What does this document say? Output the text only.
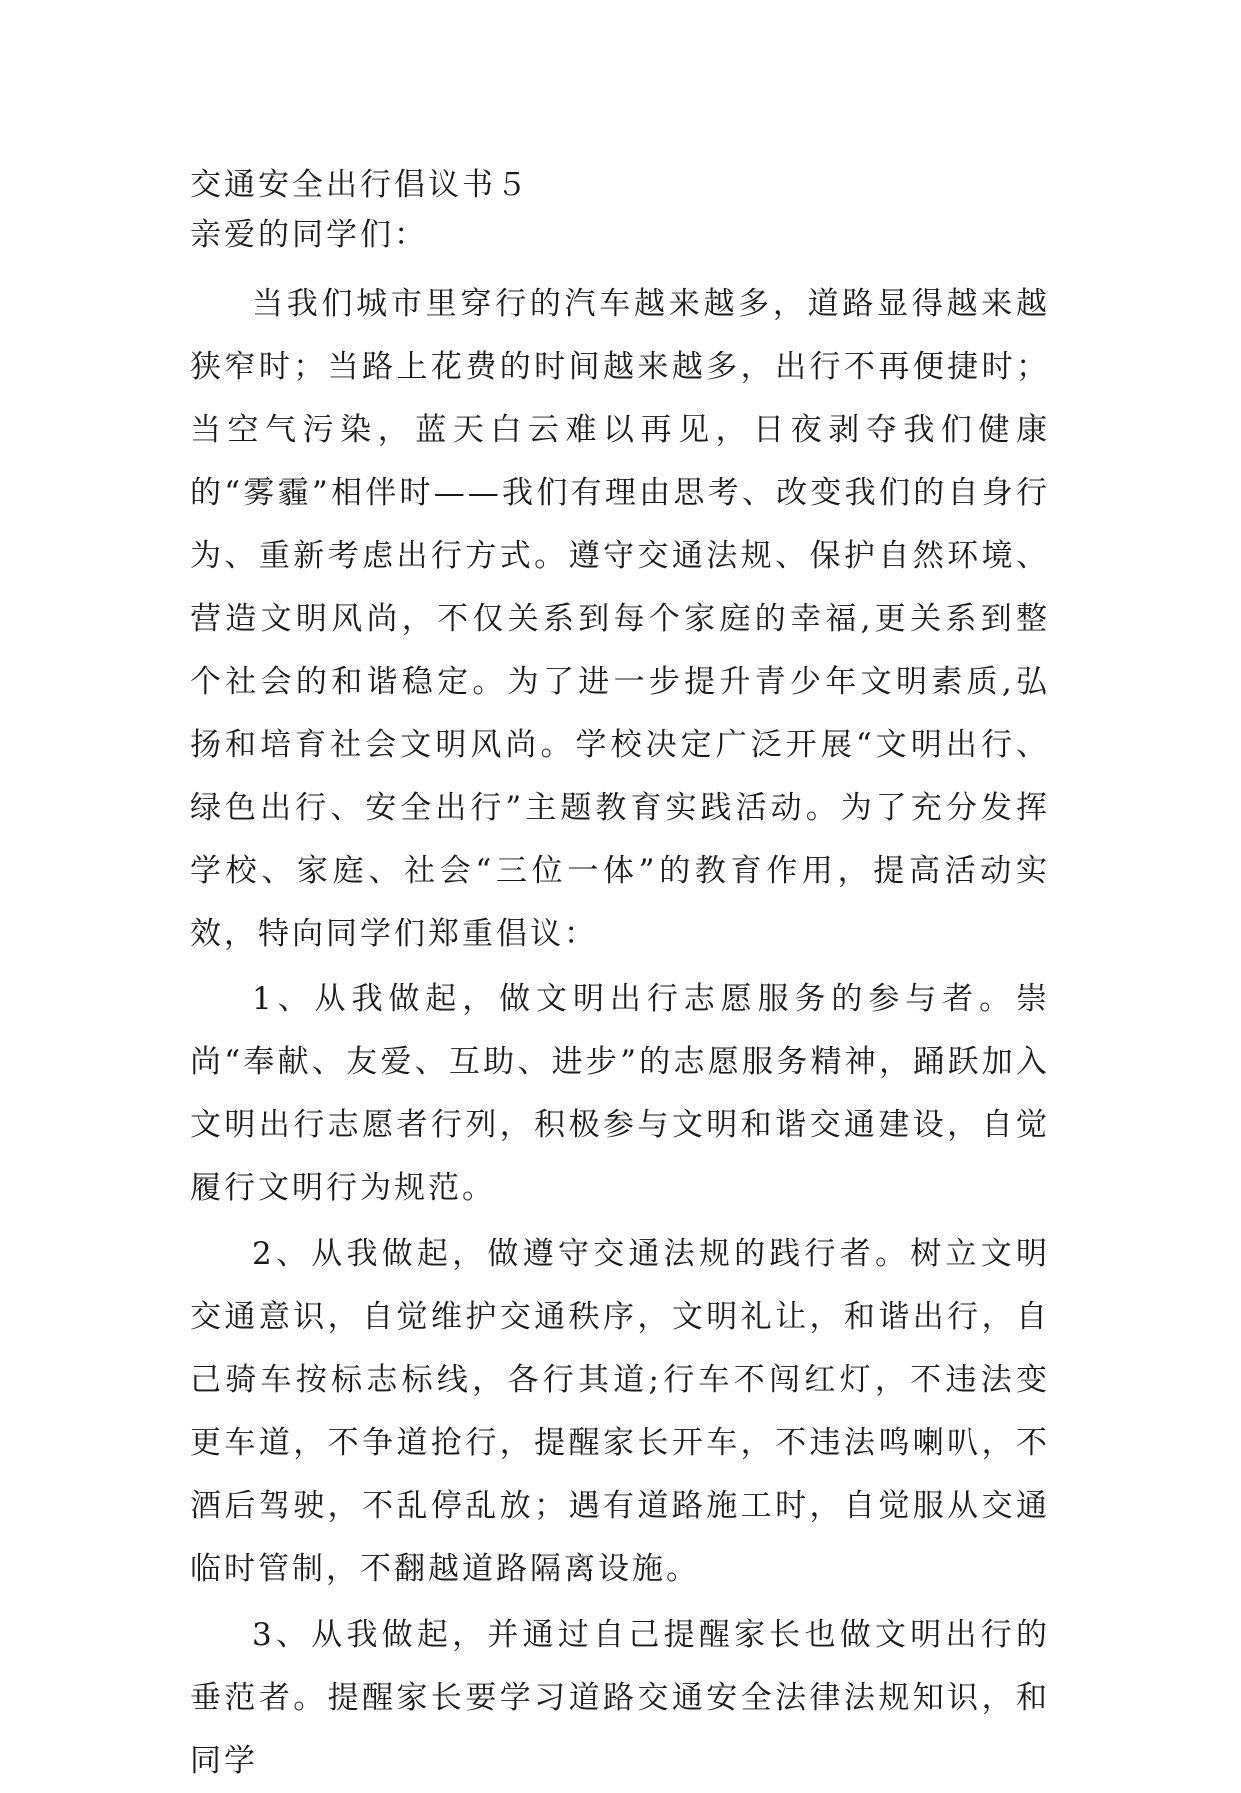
交通安全出行倡议书５
亲爱的同学们：

当我们城市里穿行的汽车越来越多，道路显得越来越狭窄时；当路上花费的时间越来越多，出行不再便捷时；当空气污染，蓝天白云难以再见，日夜剥夺我们健康的“雾霾”相伴时——我们有理由思考、改变我们的自身行为、重新考虑出行方式。遵守交通法规、保护自然环境、营造文明风尚，不仅关系到每个家庭的幸福,更关系到整个社会的和谐稳定。为了进一步提升青少年文明素质,弘扬和培育社会文明风尚。学校决定广泛开展“文明出行、绿色出行、安全出行”主题教育实践活动。为了充分发挥学校、家庭、社会“三位一体”的教育作用，提高活动实效，特向同学们郑重倡议：

1、从我做起，做文明出行志愿服务的参与者。崇尚“奉献、友爱、互助、进步”的志愿服务精神，踊跃加入文明出行志愿者行列，积极参与文明和谐交通建设，自觉履行文明行为规范。

2、从我做起，做遵守交通法规的践行者。树立文明交通意识，自觉维护交通秩序，文明礼让，和谐出行，自己骑车按标志标线，各行其道;行车不闯红灯，不违法变更车道，不争道抢行，提醒家长开车，不违法鸣喇叭，不酒后驾驶，不乱停乱放；遇有道路施工时，自觉服从交通临时管制，不翻越道路隔离设施。

3、从我做起，并通过自己提醒家长也做文明出行的垂范者。提醒家长要学习道路交通安全法律法规知识，和同学
